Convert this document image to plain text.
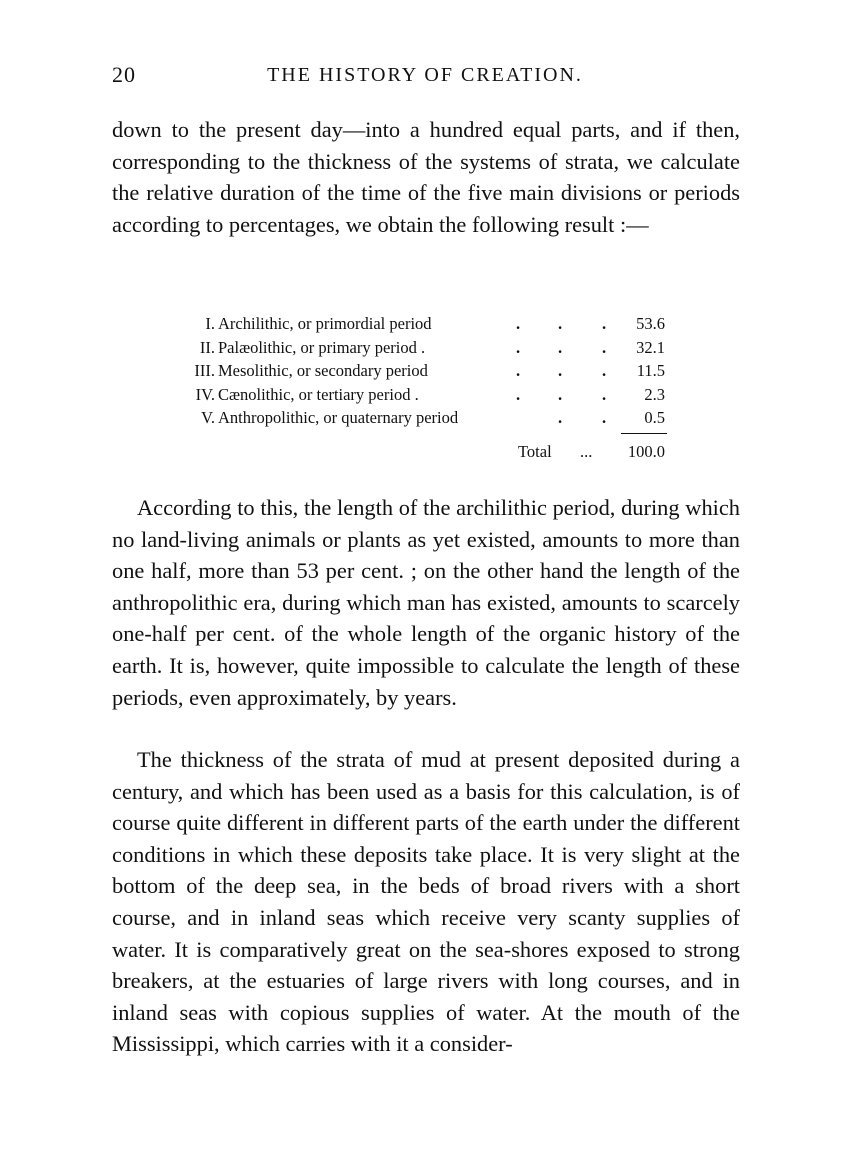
20	THE HISTORY OF CREATION.

down to the present day—into a hundred equal parts, and if then, corresponding to the thickness of the systems of strata, we calculate the relative duration of the time of the five main divisions or periods according to percentages, we obtain the following result :—

I. Archilithic, or primordial period	. . .	53.6
II. Palæolithic, or primary period .	. . .	32.1
III. Mesolithic, or secondary period	. . .	11.5
IV. Cænolithic, or tertiary period .	. . .	2.3
V. Anthropolithic, or quaternary period	. .	0.5
Total ... 100.0

According to this, the length of the archilithic period, during which no land-living animals or plants as yet existed, amounts to more than one half, more than 53 per cent. ; on the other hand the length of the anthropolithic era, during which man has existed, amounts to scarcely one-half per cent. of the whole length of the organic history of the earth. It is, however, quite impossible to calculate the length of these periods, even approximately, by years.

The thickness of the strata of mud at present deposited during a century, and which has been used as a basis for this calculation, is of course quite different in different parts of the earth under the different conditions in which these deposits take place. It is very slight at the bottom of the deep sea, in the beds of broad rivers with a short course, and in inland seas which receive very scanty supplies of water. It is comparatively great on the sea-shores exposed to strong breakers, at the estuaries of large rivers with long courses, and in inland seas with copious supplies of water. At the mouth of the Mississippi, which carries with it a consider-
